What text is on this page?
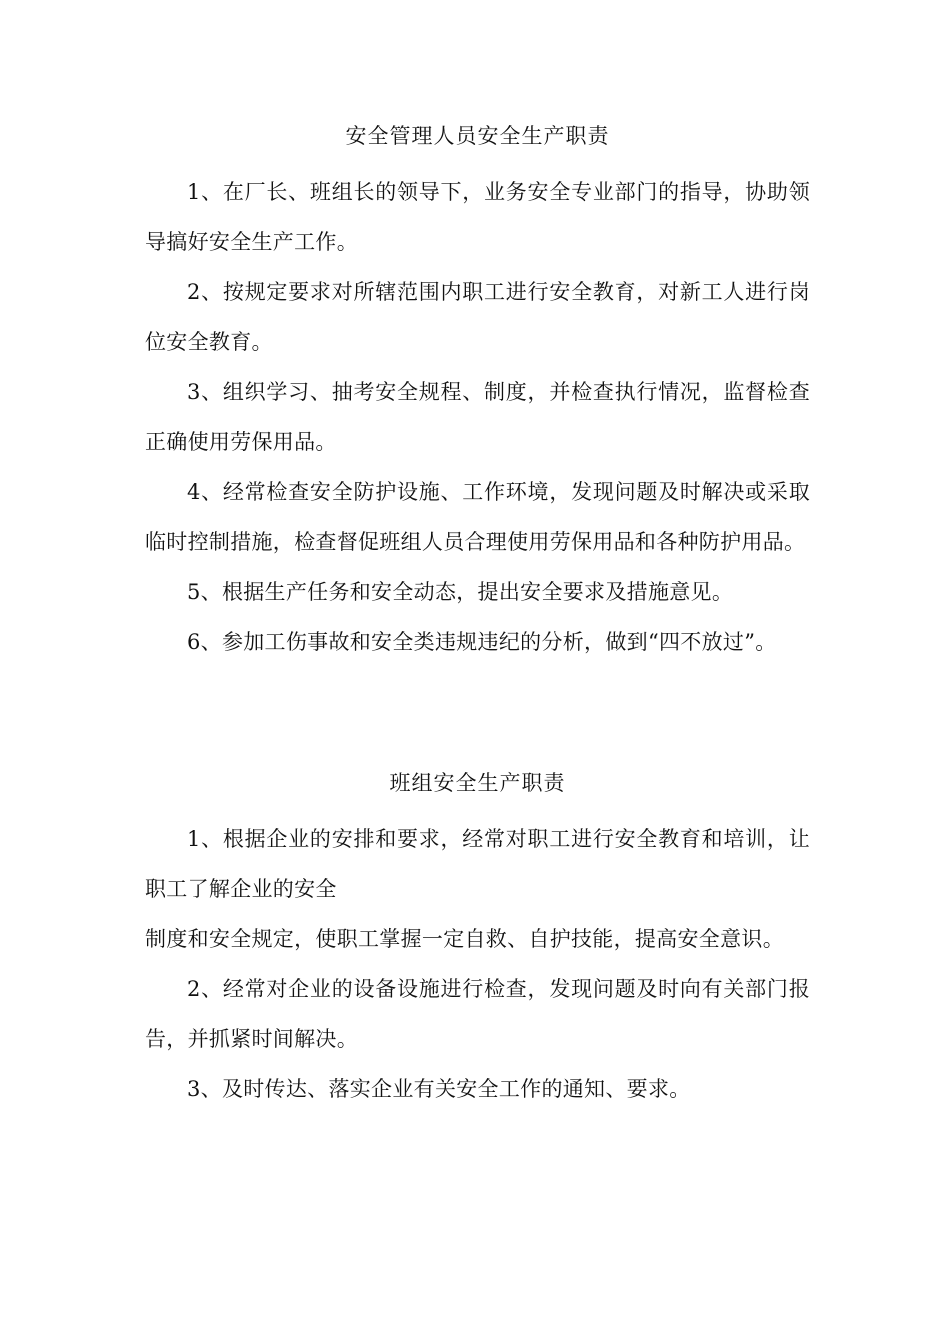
安全管理人员安全生产职责

1、在厂长、班组长的领导下，业务安全专业部门的指导，协助领导搞好安全生产工作。

2、按规定要求对所辖范围内职工进行安全教育，对新工人进行岗位安全教育。

3、组织学习、抽考安全规程、制度，并检查执行情况，监督检查正确使用劳保用品。

4、经常检查安全防护设施、工作环境，发现问题及时解决或采取临时控制措施，检查督促班组人员合理使用劳保用品和各种防护用品。

5、根据生产任务和安全动态，提出安全要求及措施意见。

6、参加工伤事故和安全类违规违纪的分析，做到“四不放过”。

班组安全生产职责

1、根据企业的安排和要求，经常对职工进行安全教育和培训，让职工了解企业的安全

制度和安全规定，使职工掌握一定自救、自护技能，提高安全意识。

2、经常对企业的设备设施进行检查，发现问题及时向有关部门报告，并抓紧时间解决。

3、及时传达、落实企业有关安全工作的通知、要求。
